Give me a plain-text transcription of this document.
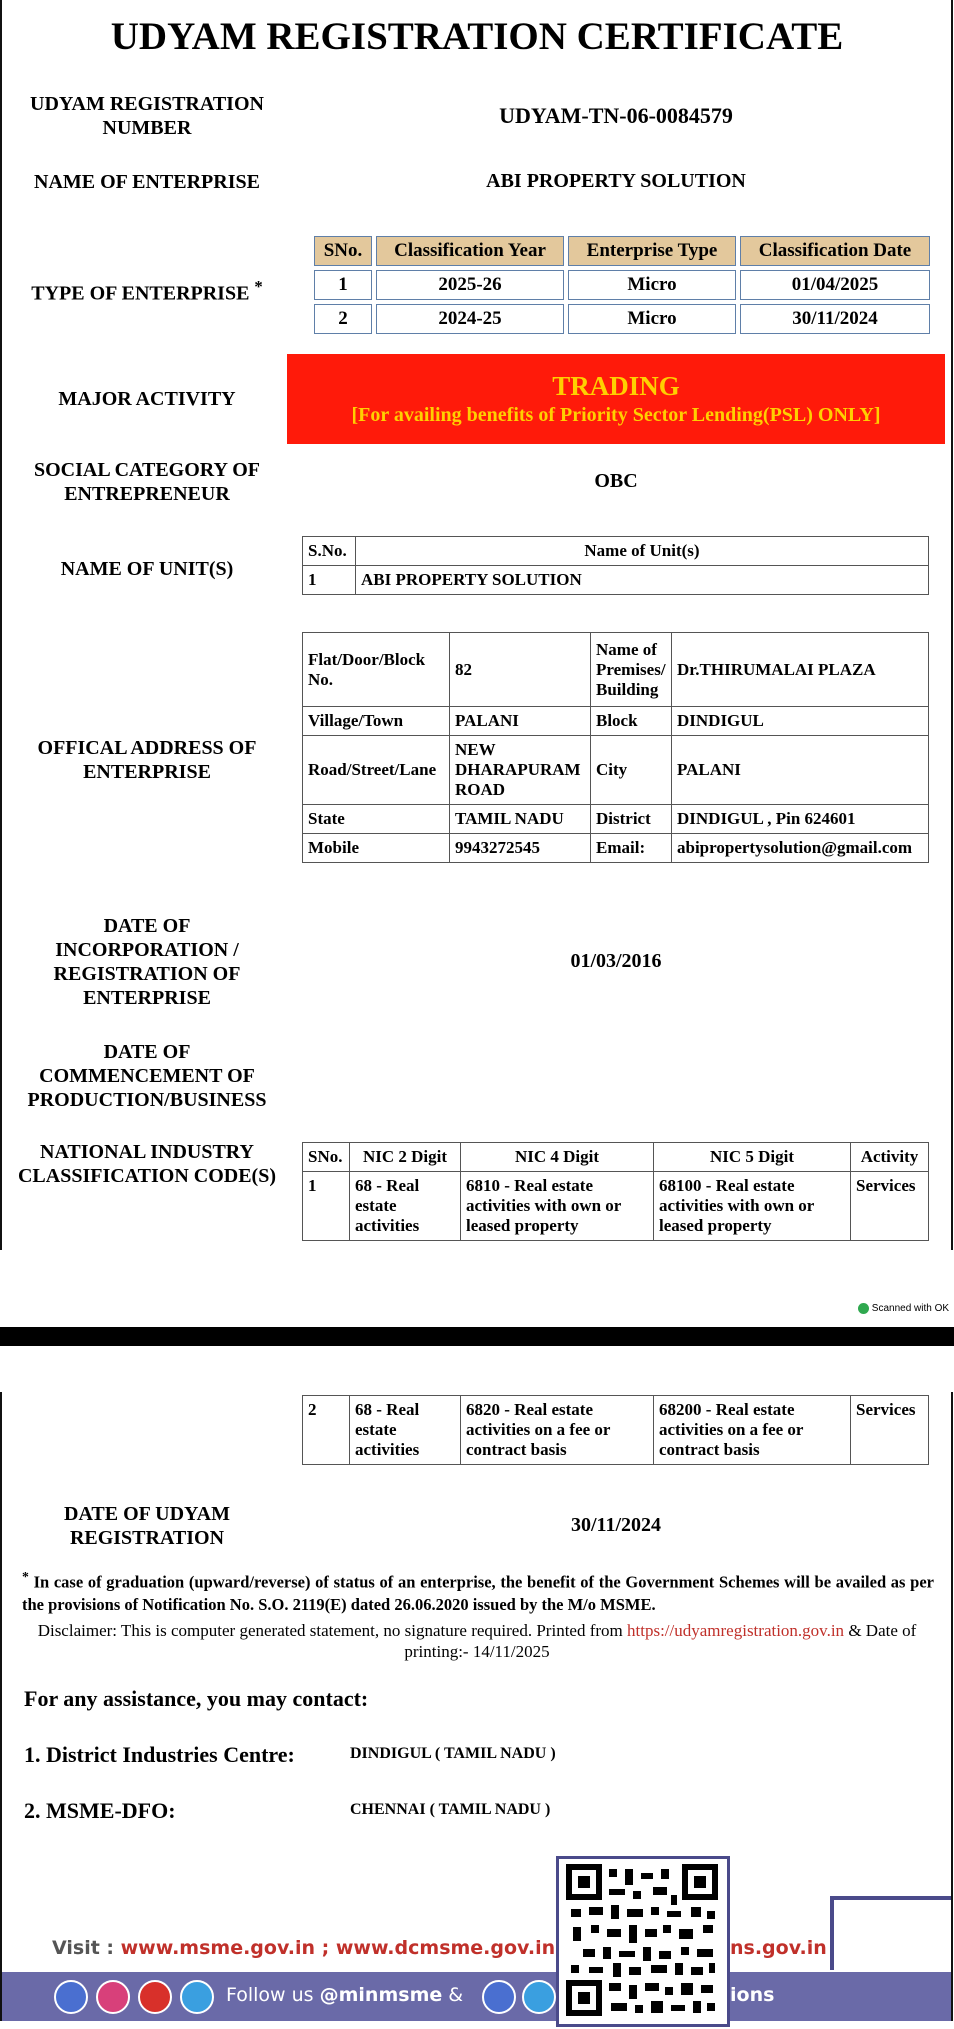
UDYAM REGISTRATION CERTIFICATE
UDYAM REGISTRATION NUMBER	UDYAM-TN-06-0084579
NAME OF ENTERPRISE	ABI PROPERTY SOLUTION
TYPE OF ENTERPRISE *
SNo.	Classification Year	Enterprise Type	Classification Date
1	2025-26	Micro	01/04/2025
2	2024-25	Micro	30/11/2024
MAJOR ACTIVITY	TRADING
[For availing benefits of Priority Sector Lending(PSL) ONLY]
SOCIAL CATEGORY OF ENTREPRENEUR
OBC
NAME OF UNIT(S)
S.No.	Name of Unit(s)
1	ABI PROPERTY SOLUTION
OFFICAL ADDRESS OF ENTERPRISE
Flat/Door/Block No.	82	Name of Premises/ Building	Dr.THIRUMALAI PLAZA
Village/Town	PALANI	Block	DINDIGUL
Road/Street/Lane	NEW DHARAPURAM ROAD	City	PALANI
State	TAMIL NADU	District	DINDIGUL , Pin 624601
Mobile	9943272545	Email:	abipropertysolution@gmail.com
DATE OF INCORPORATION / REGISTRATION OF ENTERPRISE
01/03/2016
DATE OF COMMENCEMENT OF PRODUCTION/BUSINESS
NATIONAL INDUSTRY CLASSIFICATION CODE(S)
SNo.	NIC 2 Digit	NIC 4 Digit	NIC 5 Digit	Activity
1	68 - Real estate activities	6810 - Real estate activities with own or leased property	68100 - Real estate activities with own or leased property	Services
Scanned with OK
2	68 - Real estate activities	6820 - Real estate activities on a fee or contract basis	68200 - Real estate activities on a fee or contract basis	Services
DATE OF UDYAM REGISTRATION
30/11/2024
* In case of graduation (upward/reverse) of status of an enterprise, the benefit of the Government Schemes will be availed as per the provisions of Notification No. S.O. 2119(E) dated 26.06.2020 issued by the M/o MSME.
Disclaimer: This is computer generated statement, no signature required. Printed from https://udyamregistration.gov.in & Date of printing:- 14/11/2025
For any assistance, you may contact:
1. District Industries Centre:	DINDIGUL ( TAMIL NADU )
2. MSME-DFO:	CHENNAI ( TAMIL NADU )
Visit : www.msme.gov.in ; www.dcmsme.gov.in	ns.gov.in
Follow us @minmsme &	ions
